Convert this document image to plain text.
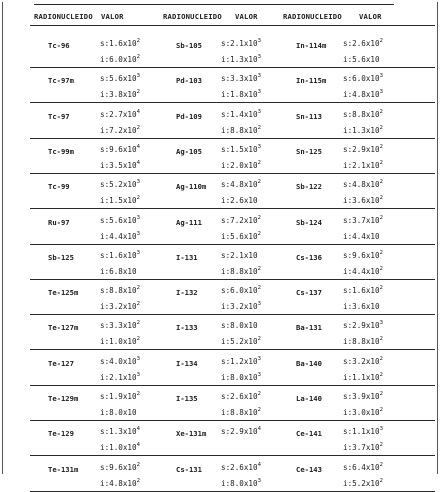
RADIONUCLEIDO VALOR	RADIONUCLEIDO VALOR	RADIONUCLEIDO VALOR
Tc-96	$s:1.6x10^2$
$i:6.0x10^2$
Sb-105	$s:2.1x10^3$
$i:1.3x10^3$
In-114m $s:2.6x10^2$
i:5.6x10
Tc-97m	$s:5.6x10^3$
$i:3.8x10^2$
Pd-103	$s:3.3x10^3$
$i:1.8x10^3$
In-115m $s:6.0x10^3$
$i:4.8x10^3$
Tc-97	$s:2.7x10^4$
$i:7.2x10^2$
Pd-109	$s:1.4x10^3$
$i:8.8x10^2$
Sn-113	$s:8.8x10^2$
$i:1.3x10^2$
Tc-99m	$s:9.6x10^4$
$i:3.5x10^4$
Ag-105	$s:1.5x10^3$
$i:2.0x10^2$
Sn-125	$s:2.9x10^2$
$i:2.1x10^2$
Tc-99	$s:5.2x10^3$
$i:1.5x10^2$
Ag-110m $s:4.8x10^2$
i:2.6x10
Sb-122	$s:4.8x10^2$
$i:3.6x10^2$
Ru-97	$s:5.6x10^3$
$i:4.4x10^3$
Ag-111	$s:7.2x10^2$
$i:5.6x10^2$
Sb-124	$s:3.7x10^2$
i:4.4x10
Sb-125	$s:1.6x10^3$
i:6.8x10
I-131	s:2.1x10
$i:8.8x10^2$
Cs-136	$s:9.6x10^2$
$i:4.4x10^2$
Te-125m	$s:8.8x10^2$
$i:3.2x10^2$
I-132	$s:6.0x10^2$
$i:3.2x10^3$
Cs-137	$s:1.6x10^2$
i:3.6x10
Te-127m	$s:3.3x10^2$
$i:1.0x10^2$
I-133	s:8.0x10
$i:5.2x10^2$
Ba-131	$s:2.9x10^3$
$i:8.8x10^2$
Te-127	$s:4.0x10^3$
$i:2.1x10^3$
I-134	$s:1.2x10^3$
$i:8.0x10^3$
Ba-140	$s:3.2x10^2$
$i:1.1x10^2$
Te-129m	$s:1.9x10^2$
i:8.0x10
I-135	$s:2.6x10^2$
$i:8.8x10^2$
La-140	$s:3.9x10^2$
$i:3.0x10^2$
Te-129	$s:1.3x10^4$
$i:1.0x10^4$
Xe-131m $s:2.9x10^4$	Ce-141	$s:1.1x10^3$
$i:3.7x10^2$
Te-131m	$s:9.6x10^2$
$i:4.8x10^2$
Cs-131	$s:2.6x10^4$
$i:8.0x10^3$
Ce-143	$s:6.4x10^2$
$i:5.2x10^2$
